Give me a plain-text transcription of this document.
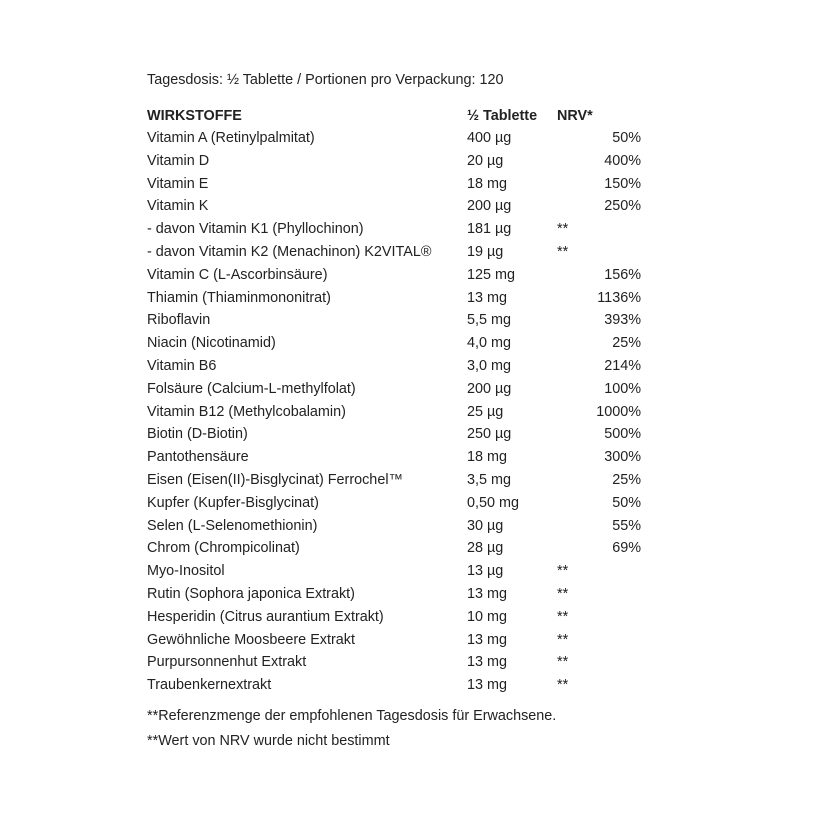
Tagesdosis: ½ Tablette / Portionen pro Verpackung: 120
WIRKSTOFFE	½ Tablette NRV*
Vitamin A (Retinylpalmitat)	400 µg	50%
Vitamin D	20 µg	400%
Vitamin E	18 mg	150%
Vitamin K	200 µg	250%
- davon Vitamin K1 (Phyllochinon)	181 µg	**
- davon Vitamin K2 (Menachinon) K2VITAL® 19 µg	**
Vitamin C (L-Ascorbinsäure)	125 mg	156%
Thiamin (Thiaminmononitrat)	13 mg	1136%
Riboflavin	5,5 mg	393%
Niacin (Nicotinamid)	4,0 mg	25%
Vitamin B6	3,0 mg	214%
Folsäure (Calcium-L-methylfolat)	200 µg	100%
Vitamin B12 (Methylcobalamin)	25 µg	1000%
Biotin (D-Biotin)	250 µg	500%
Pantothensäure	18 mg	300%
Eisen (Eisen(II)-Bisglycinat) Ferrochel™	3,5 mg	25%
Kupfer (Kupfer-Bisglycinat)	0,50 mg	50%
Selen (L-Selenomethionin)	30 µg	55%
Chrom (Chrompicolinat)	28 µg	69%
Myo-Inositol	13 µg	**
Rutin (Sophora japonica Extrakt)	13 mg	**
Hesperidin (Citrus aurantium Extrakt)	10 mg	**
Gewöhnliche Moosbeere Extrakt	13 mg	**
Purpursonnenhut Extrakt	13 mg	**
Traubenkernextrakt	13 mg	**
**Referenzmenge der empfohlenen Tagesdosis für Erwachsene.
**Wert von NRV wurde nicht bestimmt
